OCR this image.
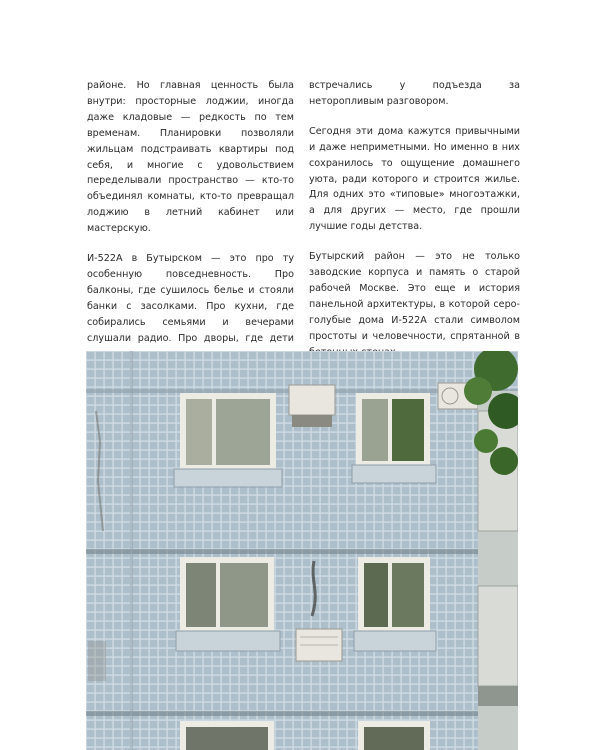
районе. Но главная ценность была внутри: просторные лоджии, иногда даже кладовые — редкость по тем временам. Планировки позволяли жильцам подстраивать квартиры под себя, и многие с удовольствием переделывали пространство — кто-то объединял комнаты, кто-то превращал лоджию в летний кабинет или мастерскую.

И-522А в Бутырском — это про ту особенную повседневность. Про балконы, где сушилось белье и стояли банки с засолками. Про кухни, где собирались семьями и вечерами слушали радио. Про дворы, где дети

встречались у подъезда за неторопливым разговором.

Сегодня эти дома кажутся привычными и даже неприметными. Но именно в них сохранилось то ощущение домашнего уюта, ради которого и строится жилье. Для одних это «типовые» многоэтажки, а для других — место, где прошли лучшие годы детства.

Бутырский район — это не только заводские корпуса и память о старой рабочей Москве. Это еще и история панельной архитектуры, в которой серо-голубые дома И-522А стали символом простоты и человечности, спрятанной в
